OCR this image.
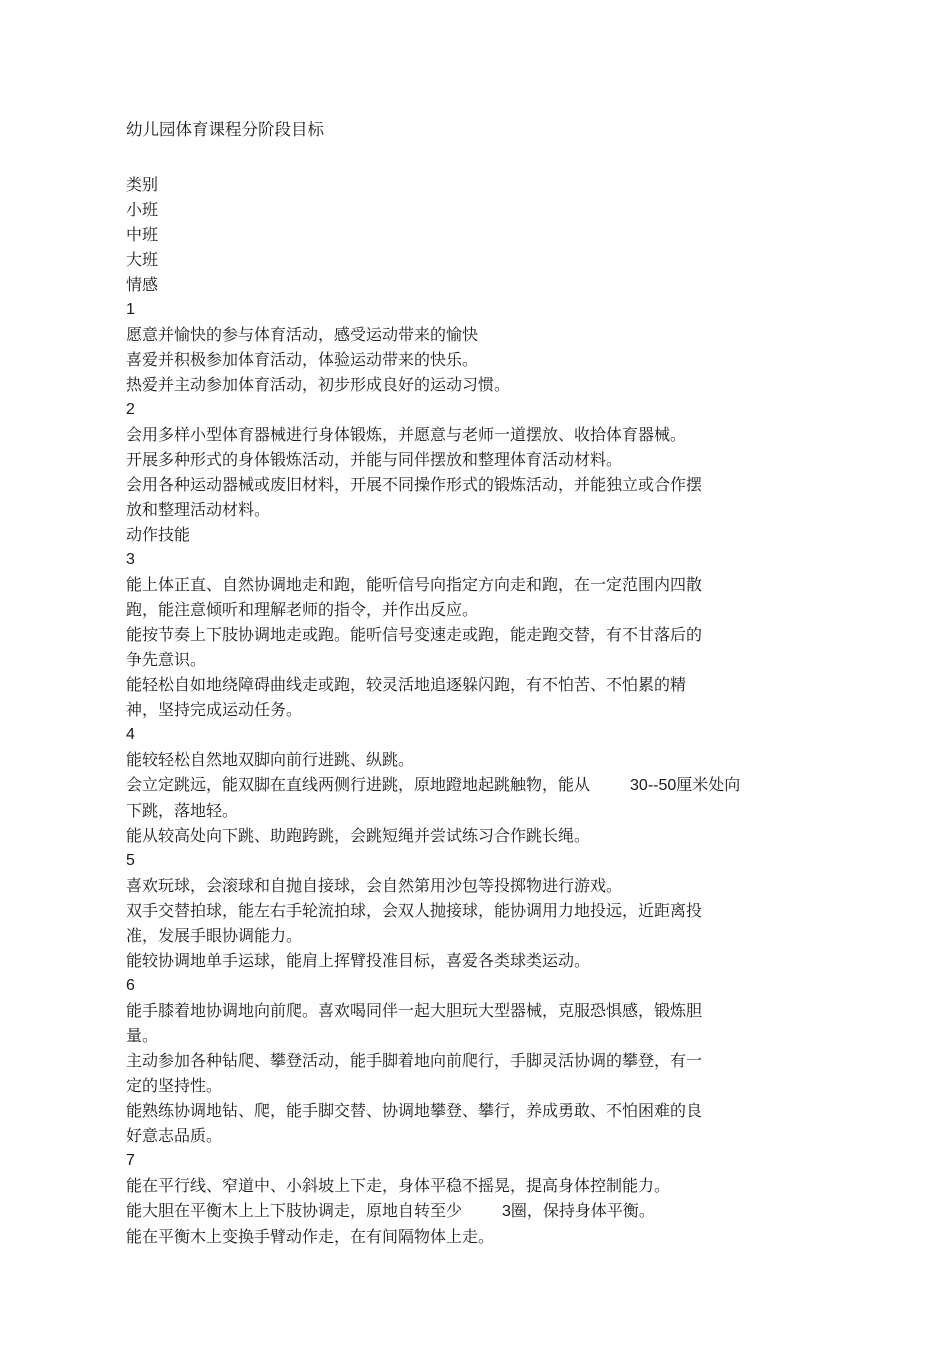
幼儿园体育课程分阶段目标
类别
小班
中班
大班
情感
1
愿意并愉快的参与体育活动，感受运动带来的愉快
喜爱并积极参加体育活动，体验运动带来的快乐。
热爱并主动参加体育活动，初步形成良好的运动习惯。
2
会用多样小型体育器械进行身体锻炼，并愿意与老师一道摆放、收拾体育器械。
开展多种形式的身体锻炼活动，并能与同伴摆放和整理体育活动材料。
会用各种运动器械或废旧材料，开展不同操作形式的锻炼活动，并能独立或合作摆
放和整理活动材料。
动作技能
3
能上体正直、自然协调地走和跑，能听信号向指定方向走和跑，在一定范围内四散
跑，能注意倾听和理解老师的指令，并作出反应。
能按节奏上下肢协调地走或跑。能听信号变速走或跑，能走跑交替，有不甘落后的
争先意识。
能轻松自如地绕障碍曲线走或跑，较灵活地追逐躲闪跑，有不怕苦、不怕累的精
神，坚持完成运动任务。
4
能较轻松自然地双脚向前行进跳、纵跳。
会立定跳远，能双脚在直线两侧行进跳，原地蹬地起跳触物，能从	30--50厘米处向
下跳，落地轻。
能从较高处向下跳、助跑跨跳，会跳短绳并尝试练习合作跳长绳。
5
喜欢玩球，会滚球和自抛自接球，会自然第用沙包等投掷物进行游戏。
双手交替拍球，能左右手轮流拍球，会双人抛接球，能协调用力地投远，近距离投
准，发展手眼协调能力。
能较协调地单手运球，能肩上挥臂投准目标，喜爱各类球类运动。
6
能手膝着地协调地向前爬。喜欢喝同伴一起大胆玩大型器械，克服恐惧感，锻炼胆
量。
主动参加各种钻爬、攀登活动，能手脚着地向前爬行，手脚灵活协调的攀登，有一
定的坚持性。
能熟练协调地钻、爬，能手脚交替、协调地攀登、攀行，养成勇敢、不怕困难的良
好意志品质。
7
能在平行线、窄道中、小斜坡上下走，身体平稳不摇晃，提高身体控制能力。
能大胆在平衡木上上下肢协调走，原地自转至少	3圈，保持身体平衡。
能在平衡木上变换手臂动作走，在有间隔物体上走。
